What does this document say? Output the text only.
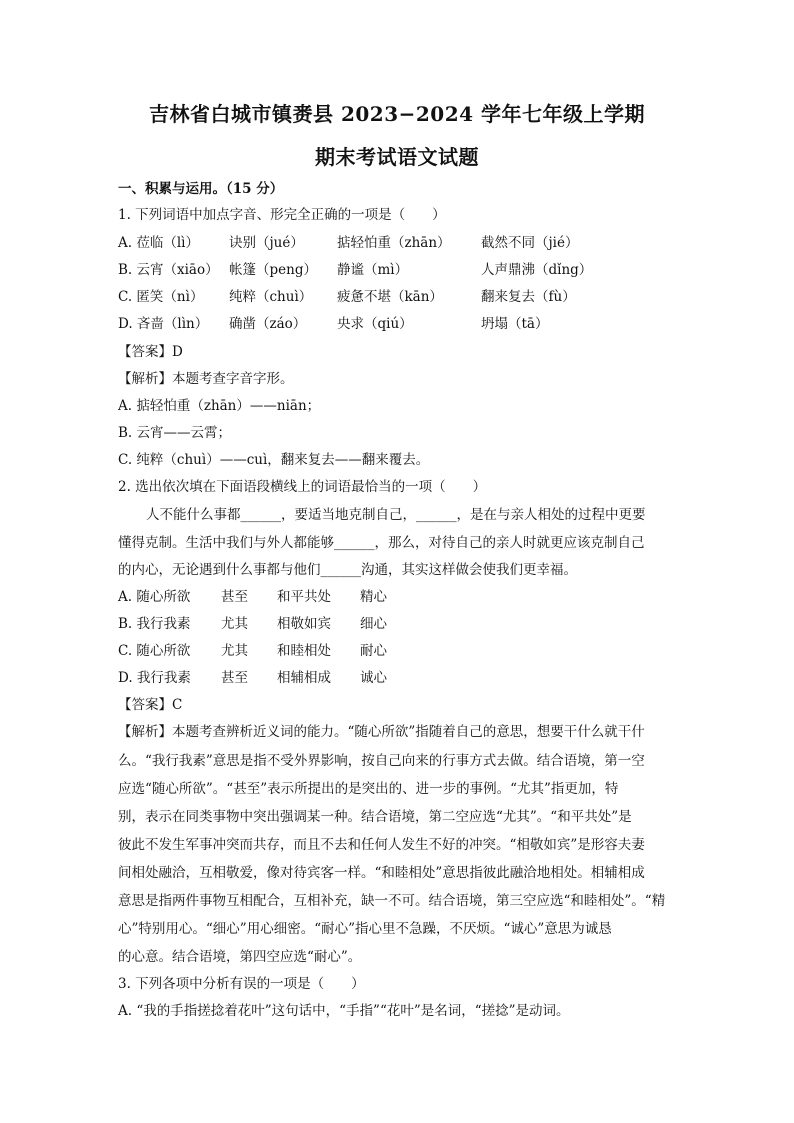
吉林省白城市镇赉县 2023−2024 学年七年级上学期
期末考试语文试题
一、积累与运用。（15 分）
1. 下列词语中加点字音、形完全正确的一项是（　　）
A. 莅临（lì） 诀别（jué） 掂轻怕重（zhān） 截然不同（jié）
B. 云宵（xiāo） 帐篷（peng） 静谧（mì）	人声鼎沸（dǐng）
C. 匿笑（nì） 纯粹（chuì） 疲惫不堪（kān）	翻来复去（fù）
D. 吝啬（lìn） 确凿（záo） 央求（qiú）	坍塌（tā）
【答案】D
【解析】本题考查字音字形。
A. 掂轻怕重（zhān）——niān；
B. 云宵——云霄；
C. 纯粹（chuì）——cuì，翻来复去——翻来覆去。
2. 选出依次填在下面语段横线上的词语最恰当的一项（　　）
人不能什么事都______，要适当地克制自己，______，是在与亲人相处的过程中更要
懂得克制。生活中我们与外人都能够______，那么，对待自己的亲人时就更应该克制自己
的内心，无论遇到什么事都与他们______沟通，其实这样做会使我们更幸福。
A. 随心所欲 甚至 和平共处 精心
B. 我行我素 尤其 相敬如宾 细心
C. 随心所欲 尤其 和睦相处 耐心
D. 我行我素 甚至 相辅相成 诚心
【答案】C
【解析】本题考查辨析近义词的能力。“随心所欲”指随着自己的意思，想要干什么就干什
么。“我行我素”意思是指不受外界影响，按自己向来的行事方式去做。结合语境，第一空
应选“随心所欲”。“甚至”表示所提出的是突出的、进一步的事例。“尤其”指更加，特
别，表示在同类事物中突出强调某一种。结合语境，第二空应选“尤其”。“和平共处”是
彼此不发生军事冲突而共存，而且不去和任何人发生不好的冲突。“相敬如宾”是形容夫妻
间相处融洽，互相敬爱，像对待宾客一样。“和睦相处”意思指彼此融洽地相处。相辅相成
意思是指两件事物互相配合，互相补充，缺一不可。结合语境，第三空应选“和睦相处”。“精
心”特别用心。“细心”用心细密。“耐心”指心里不急躁，不厌烦。“诚心”意思为诚恳
的心意。结合语境，第四空应选“耐心”。
3. 下列各项中分析有误的一项是（　　）
A. “我的手指搓捻着花叶”这句话中，“手指”“花叶”是名词，“搓捻”是动词。
